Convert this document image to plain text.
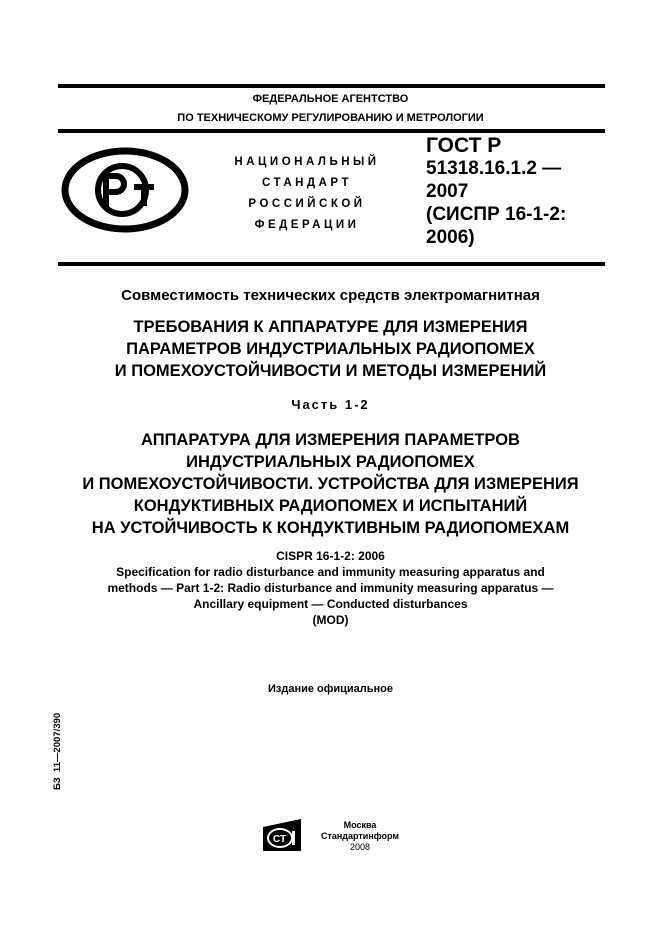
ФЕДЕРАЛЬНОЕ АГЕНТСТВО
ПО ТЕХНИЧЕСКОМУ РЕГУЛИРОВАНИЮ И МЕТРОЛОГИИ
НАЦИОНАЛЬНЫЙ
СТАНДАРТ
РОССИЙСКОЙ
ФЕДЕРАЦИИ
ГОСТ Р
51318.16.1.2 —
2007
(СИСПР 16-1-2:
2006)
Совместимость технических средств электромагнитная
ТРЕБОВАНИЯ К АППАРАТУРЕ ДЛЯ ИЗМЕРЕНИЯ
ПАРАМЕТРОВ ИНДУСТРИАЛЬНЫХ РАДИОПОМЕХ
И ПОМЕХОУСТОЙЧИВОСТИ И МЕТОДЫ ИЗМЕРЕНИЙ
Часть 1-2
АППАРАТУРА ДЛЯ ИЗМЕРЕНИЯ ПАРАМЕТРОВ
ИНДУСТРИАЛЬНЫХ РАДИОПОМЕХ
И ПОМЕХОУСТОЙЧИВОСТИ. УСТРОЙСТВА ДЛЯ ИЗМЕРЕНИЯ
КОНДУКТИВНЫХ РАДИОПОМЕХ И ИСПЫТАНИЙ
НА УСТОЙЧИВОСТЬ К КОНДУКТИВНЫМ РАДИОПОМЕХАМ
CISPR 16-1-2: 2006
Specification for radio disturbance and immunity measuring apparatus and
methods — Part 1-2: Radio disturbance and immunity measuring apparatus —
Ancillary equipment — Conducted disturbances
(MOD)
Издание официальное
БЗ  11—2007/390
СТ
Москва
Стандартинформ
2008
